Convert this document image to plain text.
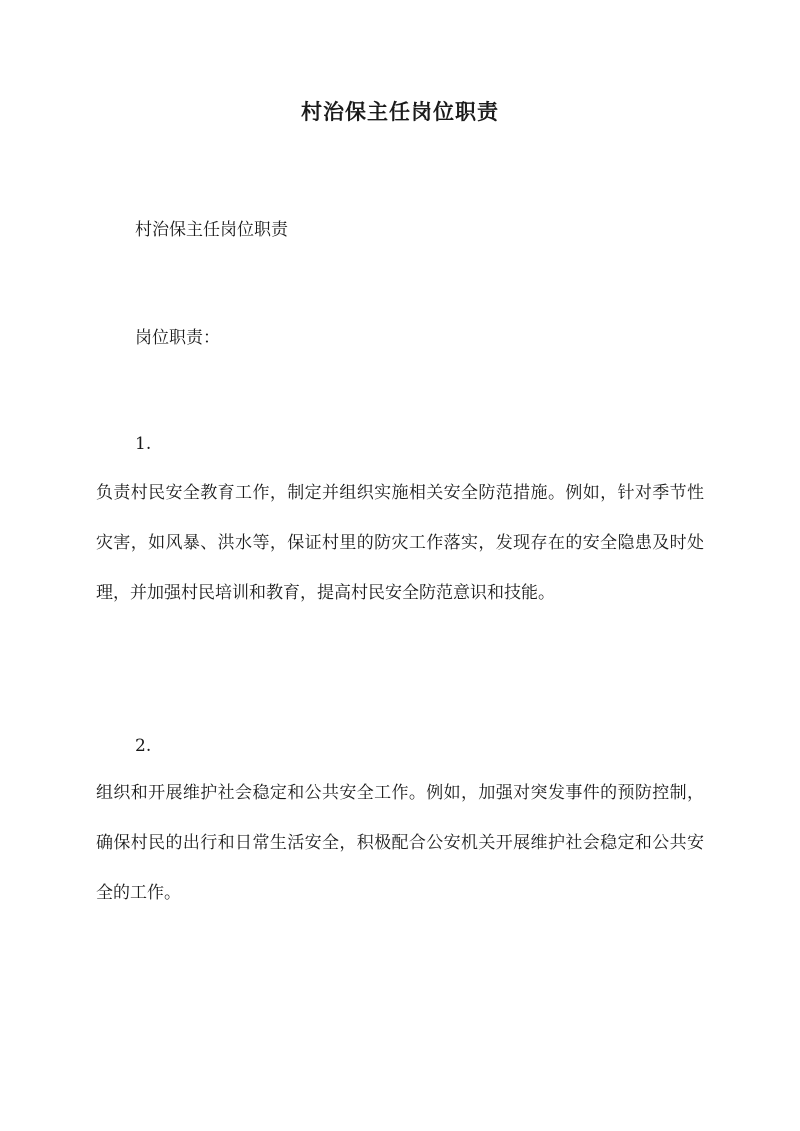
村治保主任岗位职责
村治保主任岗位职责
岗位职责：
1.
负责村民安全教育工作，制定并组织实施相关安全防范措施。例如，针对季节性灾害，如风暴、洪水等，保证村里的防灾工作落实，发现存在的安全隐患及时处理，并加强村民培训和教育，提高村民安全防范意识和技能。
2.
组织和开展维护社会稳定和公共安全工作。例如，加强对突发事件的预防控制，确保村民的出行和日常生活安全，积极配合公安机关开展维护社会稳定和公共安全的工作。
